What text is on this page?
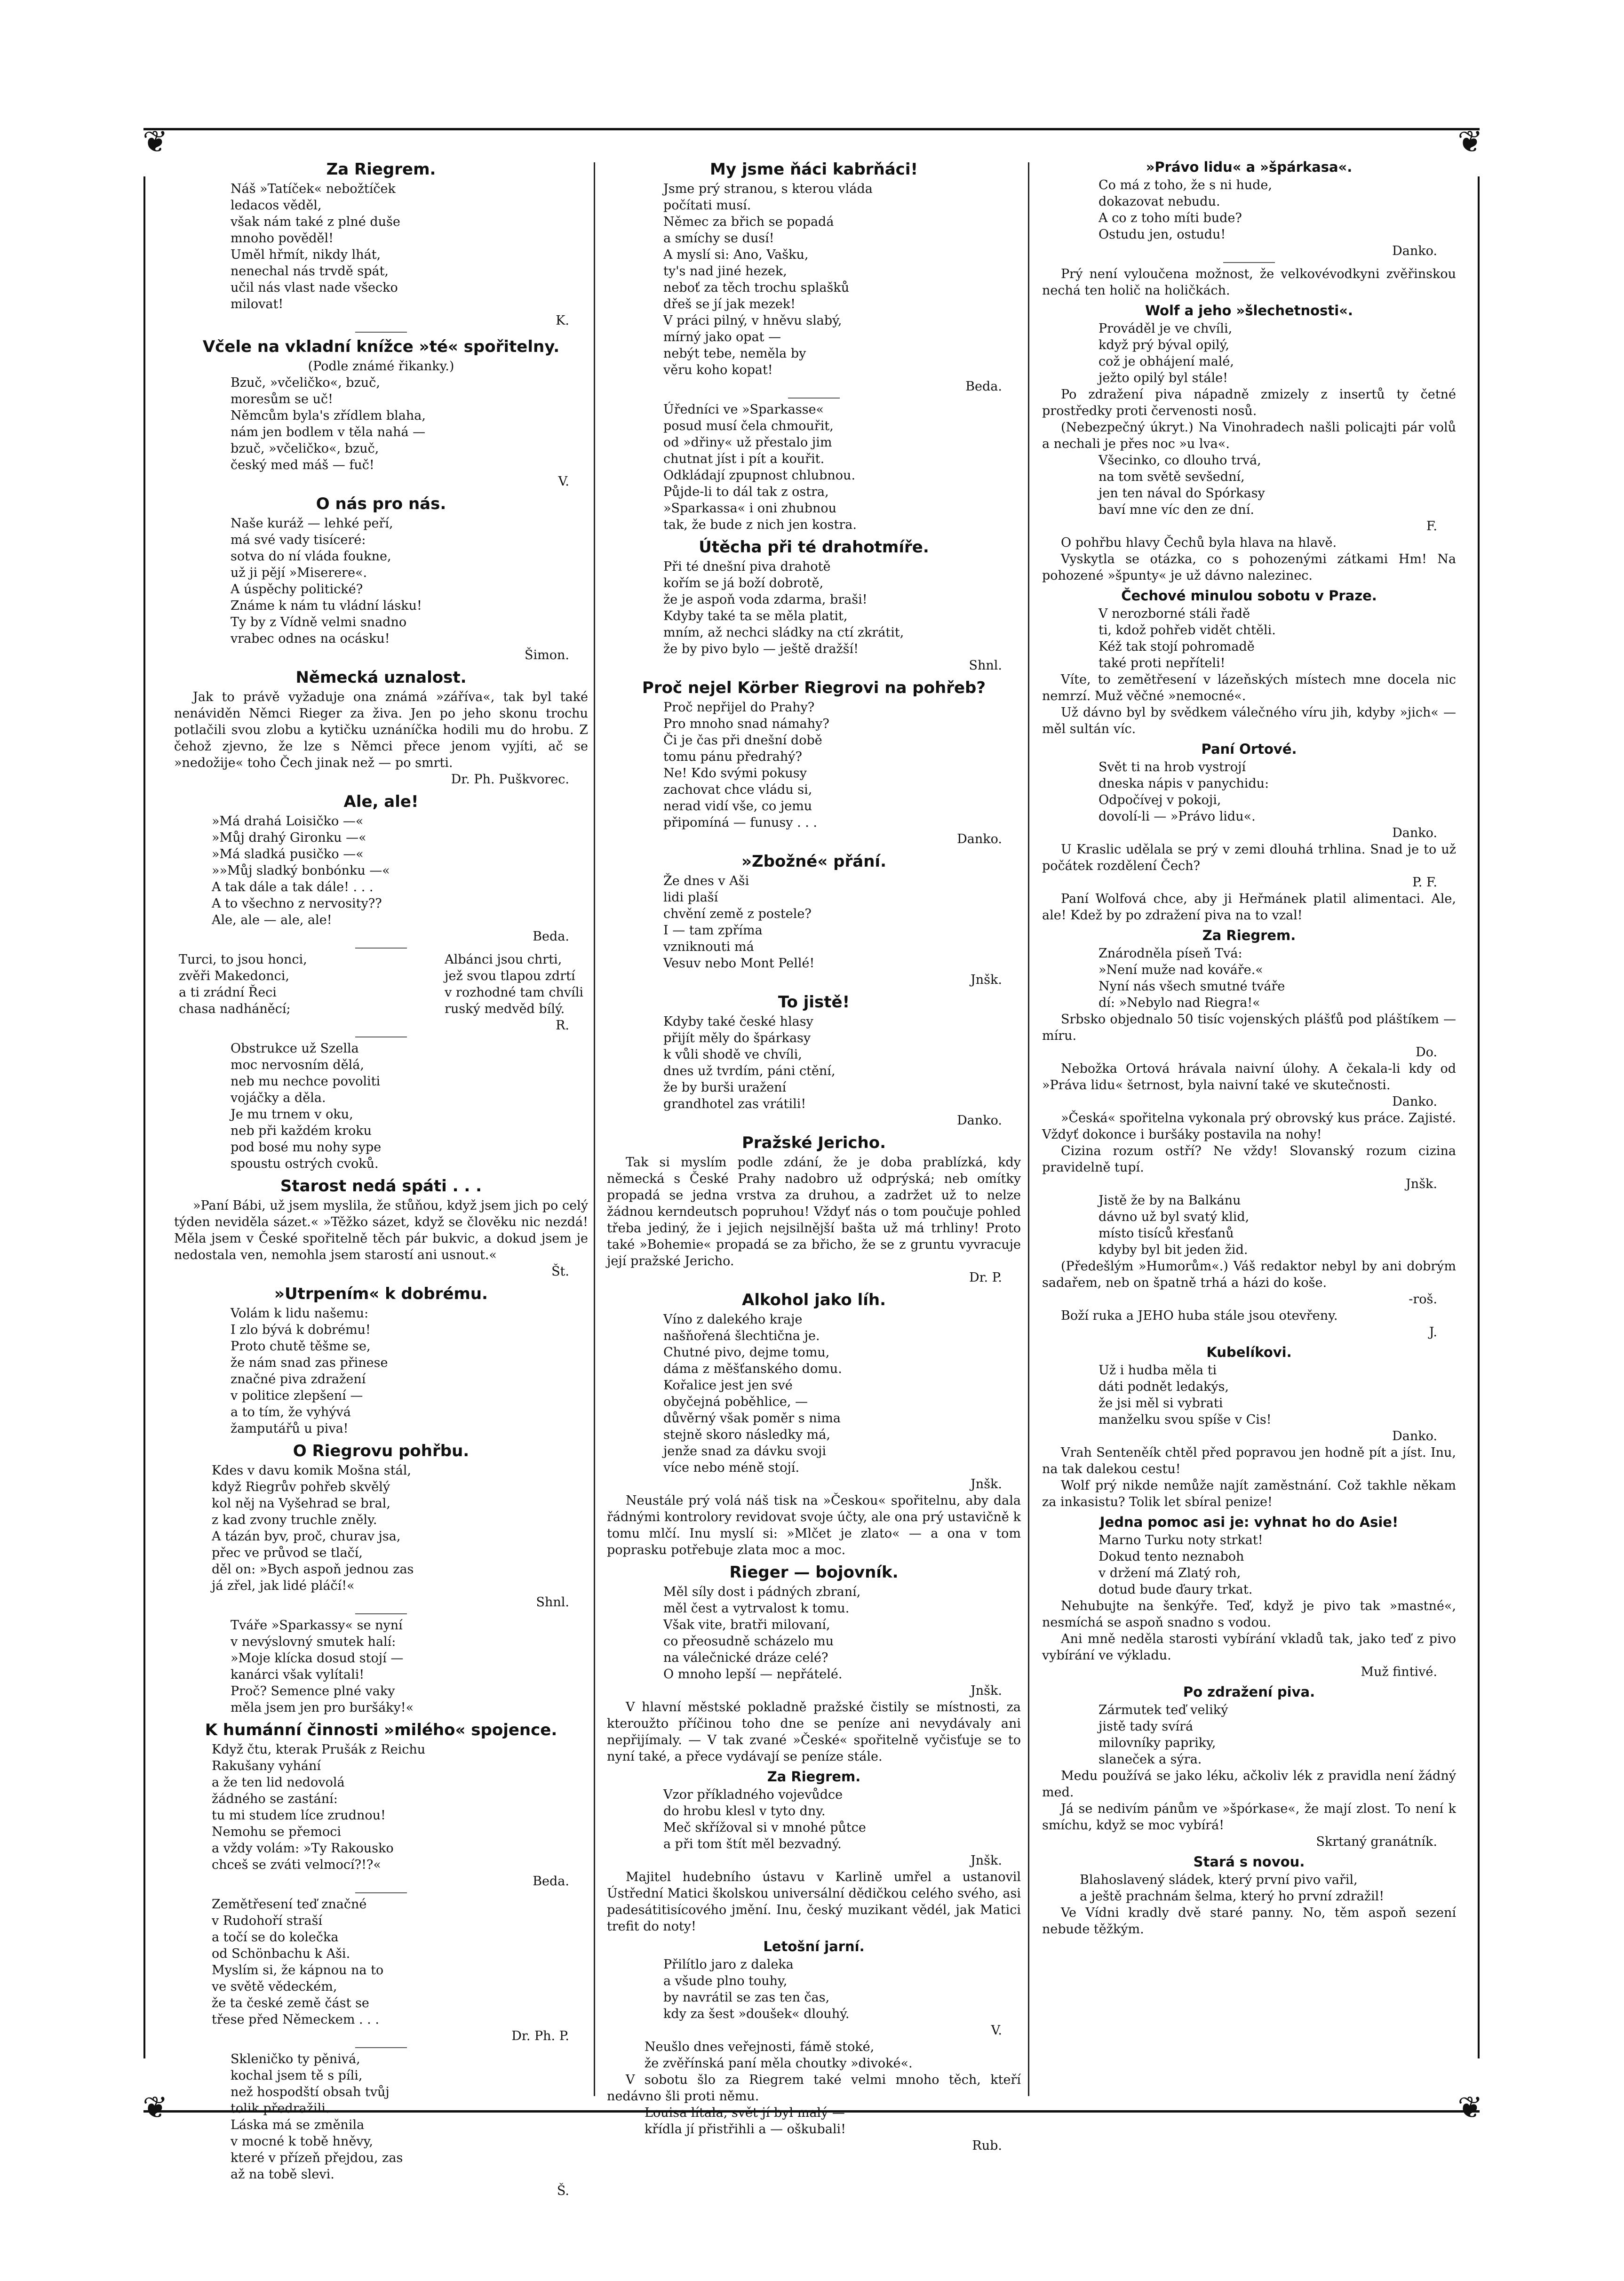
❦	❦
❦	❦
Za Riegrem.

Náš »Tatíček« nebožtíček
ledacos věděl,
však nám také z plné duše
mnoho pověděl!
Uměl hřmít, nikdy lhát,
nenechal nás trvdě spát,
učil nás vlast nade všecko
milovat!

K.

Včele na vkladní knížce »té« spořitelny.

(Podle známé řikanky.)

Bzuč, »včeličko«, bzuč,
moresům se uč!
Němcům byla's zřídlem blaha,
nám jen bodlem v těla nahá —
bzuč, »včeličko«, bzuč,
český med máš — fuč!

V.

O nás pro nás.

Naše kuráž — lehké peří,
má své vady tisíceré:
sotva do ní vláda foukne,
už ji pějí »Miserere«.
A úspěchy politické?
Známe k nám tu vládní lásku!
Ty by z Vídně velmi snadno
vrabec odnes na ocásku!

Šimon.

Německá uznalost.

Jak to právě vyžaduje ona známá »záříva«, tak byl také nenáviděn Němci Rieger za živa. Jen po jeho skonu trochu potlačili svou zlobu a kytičku uznáníčka hodili mu do hrobu. Z čehož zjevno, že lze s Němci přece jenom vyjíti, ač se »nedožije« toho Čech jinak než — po smrti.

Dr. Ph. Puškvorec.

Ale, ale!

»Má drahá Loisičko —«
»Můj drahý Gironku —«
»Má sladká pusičko —«
»»Můj sladký bonbónku —«
A tak dále a tak dále! . . .
A to všechno z nervosity??
Ale, ale — ale, ale!

Beda.

Turci, to jsou honci,
zvěři Makedonci,
a ti zrádní Řeci
chasa nadháněcí;
Albánci jsou chrti,
jež svou tlapou zdrtí
v rozhodné tam chvíli
ruský medvěd bílý.

R.

Obstrukce už Szella
moc nervosním dělá,
neb mu nechce povoliti
vojáčky a děla.
Je mu trnem v oku,
neb při každém kroku
pod bosé mu nohy sype
spoustu ostrých cvoků.

Starost nedá spáti . . .

»Paní Bábi, už jsem myslila, že stůňou, když jsem jich po celý týden neviděla sázet.« »Těžko sázet, když se člověku nic nezdá! Měla jsem v České spořitelně těch pár bukvic, a dokud jsem je nedostala ven, nemohla jsem starostí ani usnout.«

Št.

»Utrpením« k dobrému.

Volám k lidu našemu:
I zlo bývá k dobrému!
Proto chutě těšme se,
že nám snad zas přinese
značné piva zdražení
v politice zlepšení —
a to tím, že vyhývá
žamputářů u piva!

O Riegrovu pohřbu.

Kdes v davu komik Mošna stál,
když Riegrův pohřeb skvělý
kol něj na Vyšehrad se bral,
z kad zvony truchle zněly.
A tázán byv, proč, churav jsa,
přec ve průvod se tlačí,
děl on: »Bych aspoň jednou zas
já zřel, jak lidé pláčí!«

Shnl.

Tváře »Sparkassy« se nyní
v nevýslovný smutek halí:
»Moje klícka dosud stojí —
kanárci však vylítali!
Proč? Semence plné vaky
měla jsem jen pro buršáky!«

K humánní činnosti »milého« spojence.

Když čtu, kterak Prušák z Reichu
Rakušany vyhání
a že ten lid nedovolá
žádného se zastání:
tu mi studem líce zrudnou!
Nemohu se přemoci
a vždy volám: »Ty Rakousko
chceš se zváti velmocí?!?«

Beda.

Zemětřesení teď značné
v Rudohoří straší
a točí se do kolečka
od Schönbachu k Aši.
Myslím si, že kápnou na to
ve světě vědeckém,
že ta české země část se
třese před Německem . . .

Dr. Ph. P.

Skleničko ty pěnivá,
kochal jsem tě s píli,
než hospodští obsah tvůj
tolik předražili.
Láska má se změnila
v mocné k tobě hněvy,
které v přízeň přejdou, zas
až na tobě slevi.

Š.

My jsme ňáci kabrňáci!

Jsme prý stranou, s kterou vláda
počítati musí.
Němec za břich se popadá
a smíchy se dusí!
A myslí si: Ano, Vašku,
ty's nad jiné hezek,
neboť za těch trochu splašků
dřeš se jí jak mezek!
V práci pilný, v hněvu slabý,
mírný jako opat —
nebýt tebe, neměla by
věru koho kopat!

Beda.

Úředníci ve »Sparkasse«
posud musí čela chmouřit,
od »dřiny« už přestalo jim
chutnat jíst i pít a kouřit.
Odkládají zpupnost chlubnou.
Půjde-li to dál tak z ostra,
»Sparkassa« i oni zhubnou
tak, že bude z nich jen kostra.

Útěcha při té drahotmíře.

Při té dnešní piva drahotě
kořím se já boží dobrotě,
že je aspoň voda zdarma, braši!
Kdyby také ta se měla platit,
mním, až nechci sládky na ctí zkrátit,
že by pivo bylo — ještě dražší!

Shnl.

Proč nejel Körber Riegrovi na pohřeb?

Proč nepřijel do Prahy?
Pro mnoho snad námahy?
Či je čas při dnešní době
tomu pánu předrahý?
Ne! Kdo svými pokusy
zachovat chce vládu si,
nerad vidí vše, co jemu
připomíná — funusy . . .

Danko.

»Zbožné« přání.

Že dnes v Aši
lidi plaší
chvění země z postele?
I — tam zpříma
vzniknouti má
Vesuv nebo Mont Pellé!

Jnšk.

To jistě!

Kdyby také české hlasy
přijít měly do špárkasy
k vůli shodě ve chvíli,
dnes už tvrdím, páni ctění,
že by burši uražení
grandhotel zas vrátili!

Danko.

Pražské Jericho.

Tak si myslím podle zdání, že je doba prablízká, kdy německá s České Prahy nadobro už odprýská; neb omítky propadá se jedna vrstva za druhou, a zadržet už to nelze žádnou kerndeutsch popruhou! Vždyť nás o tom poučuje pohled třeba jediný, že i jejich nejsilnější bašta už má trhliny! Proto také »Bohemie« propadá se za břicho, že se z gruntu vyvracuje její pražské Jericho.

Dr. P.

Alkohol jako líh.

Víno z dalekého kraje
našňořená šlechtična je.
Chutné pivo, dejme tomu,
dáma z měšťanského domu.
Kořalice jest jen své
obyčejná poběhlice, —
důvěrný však poměr s nima
stejně skoro následky má,
jenže snad za dávku svoji
více nebo méně stojí.

Jnšk.

Neustále prý volá náš tisk na »Českou« spořitelnu, aby dala řádnými kontrolory revidovat svoje účty, ale ona prý ustavičně k tomu mlčí. Inu myslí si: »Mlčet je zlato« — a ona v tom poprasku potřebuje zlata moc a moc.

Rieger — bojovník.

Měl síly dost i pádných zbraní,
měl čest a vytrvalost k tomu.
Však vite, bratři milovaní,
co přeosudně scházelo mu
na válečnické dráze celé?
O mnoho lepší — nepřátelé.

Jnšk.

V hlavní městské pokladně pražské čistily se místnosti, za kteroužto příčinou toho dne se peníze ani nevydávaly ani nepřijímaly. — V tak zvané »České« spořitelně vyčisťuje se to nyní také, a přece vydávají se peníze stále.

Za Riegrem.

Vzor příkladného vojevůdce
do hrobu klesl v tyto dny.
Meč skřížoval si v mnohé půtce
a při tom štít měl bezvadný.

Jnšk.

Majitel hudebního ústavu v Karlině umřel a ustanovil Ústřední Matici školskou universální dědičkou celého svého, asi padesátitisícového jmění. Inu, český muzikant vědél, jak Matici trefit do noty!

Letošní jarní.

Přilítlo jaro z daleka
a všude plno touhy,
by navrátil se zas ten čas,
kdy za šest »doušek« dlouhý.

V.

Neušlo dnes veřejnosti, fámě stoké,
že zvěřínská paní měla choutky »divoké«.

V sobotu šlo za Riegrem také velmi mnoho těch, kteří nedávno šli proti němu.

Louisa lítala, svět jí byl malý —
křídla jí přistřihli a — oškubali!

Rub.

»Právo lidu« a »špárkasa«.

Co má z toho, že s ni hude,
dokazovat nebudu.
A co z toho míti bude?
Ostudu jen, ostudu!

Danko.

Prý není vyloučena možnost, že velkovévodkyni zvěřinskou nechá ten holič na holičkách.

Wolf a jeho »šlechetnosti«.

Prováděl je ve chvíli,
když prý býval opilý,
což je obhájení malé,
ježto opilý byl stále!

Po zdražení piva nápadně zmizely z insertů ty četné prostředky proti červenosti nosů.

(Nebezpečný úkryt.) Na Vinohradech našli policajti pár volů a nechali je přes noc »u lva«.

Všecinko, co dlouho trvá,
na tom světě sevšední,
jen ten nával do Spórkasy
baví mne víc den ze dní.

F.

O pohřbu hlavy Čechů byla hlava na hlavě.

Vyskytla se otázka, co s pohozenými zátkami Hm! Na pohozené »špunty« je už dávno nalezinec.

Čechové minulou sobotu v Praze.

V nerozborné stáli řadě
ti, kdož pohřeb vidět chtěli.
Kéž tak stojí pohromadě
také proti nepříteli!

Víte, to zemětřesení v lázeňských místech mne docela nic nemrzí. Muž věčné »nemocné«.

Už dávno byl by svědkem válečného víru jih, kdyby »jich« — měl sultán víc.

Paní Ortové.

Svět ti na hrob vystrojí
dneska nápis v panychidu:
Odpočívej v pokoji,
dovolí-li — »Právo lidu«.

Danko.

U Kraslic udělala se prý v zemi dlouhá trhlina. Snad je to už počátek rozdělení Čech?

P. F.

Paní Wolfová chce, aby ji Heřmánek platil alimentaci. Ale, ale! Kdež by po zdražení piva na to vzal!

Za Riegrem.

Znárodněla píseň Tvá:
»Není muže nad kováře.«
Nyní nás všech smutné tváře
dí: »Nebylo nad Riegra!«

Srbsko objednalo 50 tisíc vojenských plášťů pod pláštíkem — míru.

Do.

Nebožka Ortová hrávala naivní úlohy. A čekala-li kdy od »Práva lidu« šetrnost, byla naivní také ve skutečnosti.

Danko.

»Česká« spořitelna vykonala prý obrovský kus práce. Zajisté. Vždyť dokonce i buršáky postavila na nohy!

Cizina rozum ostří? Ne vždy! Slovanský rozum cizina pravidelně tupí.

Jnšk.

Jistě že by na Balkánu
dávno už byl svatý klid,
místo tisíců křesťanů
kdyby byl bit jeden žid.

(Předešlým »Humorům«.) Váš redaktor nebyl by ani dobrým sadařem, neb on špatně trhá a házi do koše.

-roš.

Boží ruka a JEHO huba stále jsou otevřeny.

J.

Kubelíkovi.

Už i hudba měla ti
dáti podnět ledakýs,
že jsi měl si vybrati
manželku svou spíše v Cis!

Danko.

Vrah Senteněík chtěl před popravou jen hodně pít a jíst. Inu, na tak dalekou cestu!

Wolf prý nikde nemůže najít zaměstnání. Což takhle někam za inkasistu? Tolik let sbíral penize!

Jedna pomoc asi je: vyhnat ho do Asie!

Marno Turku noty strkat!
Dokud tento neznaboh
v držení má Zlatý roh,
dotud bude ďaury trkat.

Nehubujte na šenkýře. Teď, když je pivo tak »mastné«, nesmíchá se aspoň snadno s vodou.

Ani mně neděla starosti vybírání vkladů tak, jako teď z pivo vybírání ve výkladu.

Muž fintivé.

Po zdražení piva.

Zármutek teď veliký
jistě tady svírá
milovníky papriky,
slaneček a sýra.

Medu používá se jako léku, ačkoliv lék z pravidla není žádný med.

Já se nedivím pánům ve »špórkase«, že mají zlost. To není k smíchu, když se moc vybírá!

Skrtaný granátník.

Stará s novou.

Blahoslavený sládek, který první pivo vařil,
a ještě prachnám šelma, který ho první zdražil!

Ve Vídni kradly dvě staré panny. No, těm aspoň sezení nebude těžkým.
